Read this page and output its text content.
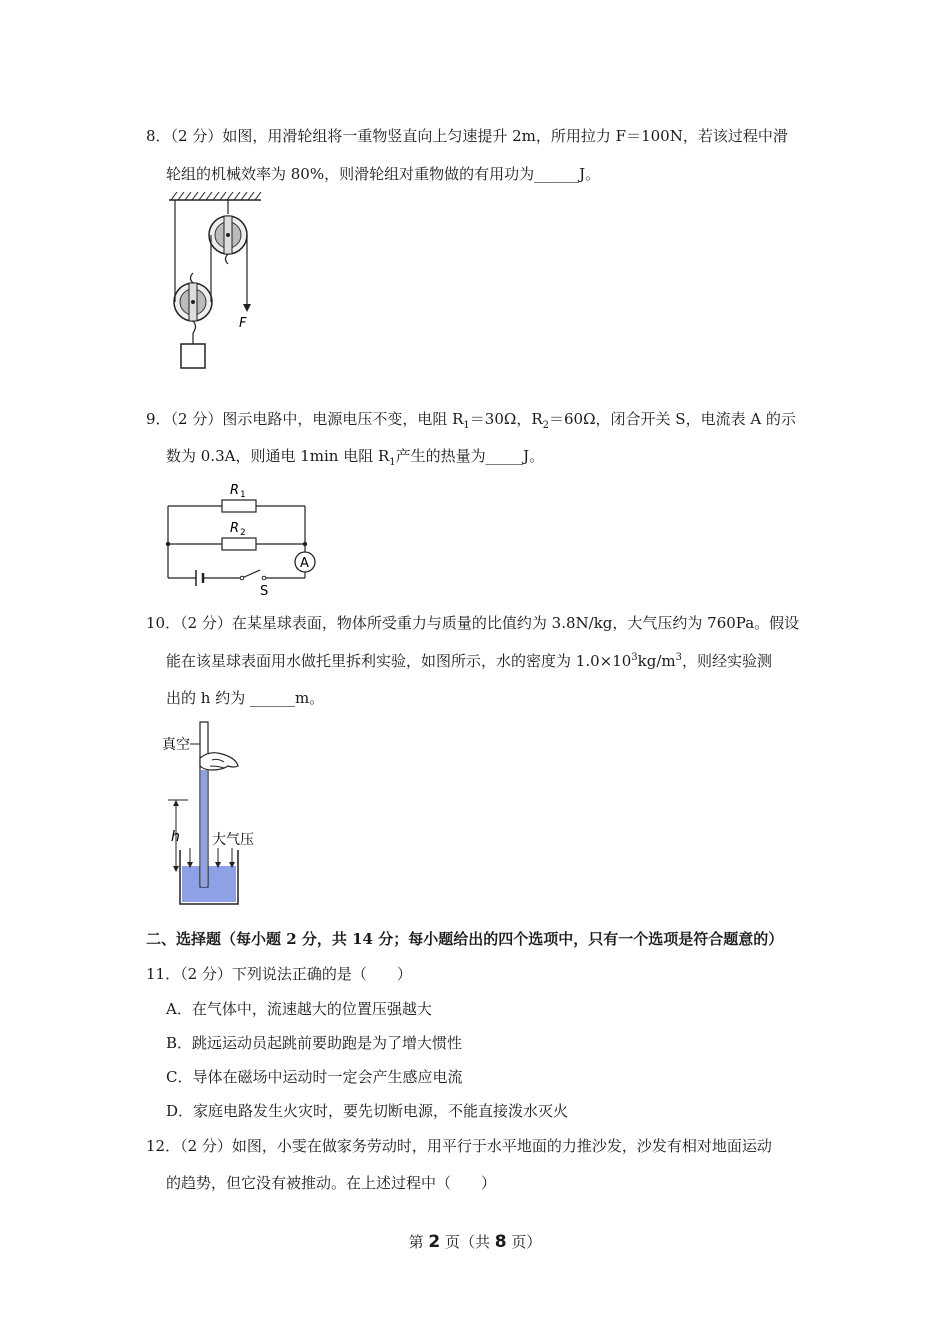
8．（2 分）如图，用滑轮组将一重物竖直向上匀速提升 2m，所用拉力 F＝100N，若该过程中滑
轮组的机械效率为 80%，则滑轮组对重物做的有用功为______J。
F
9．（2 分）图示电路中，电源电压不变，电阻 $R_1=30\Omega$，$R_2=60\Omega$，闭合开关 S，电流表 A 的示
数为 0.3A，则通电 1min 电阻 $R_1$产生的热量为_____J。
A
R 1
R 2
S
10．（2 分）在某星球表面，物体所受重力与质量的比值约为 3.8N/kg，大气压约为 760Pa。假设
能在该星球表面用水做托里拆利实验，如图所示，水的密度为 $1.0\times 10^3kg/m^3$，则经实验测
出的 h 约为 ______m。
h
真空
大气压
二、选择题（每小题 2 分，共 14 分；每小题给出的四个选项中，只有一个选项是符合题意的）
11．（2 分）下列说法正确的是（　　）
A．在气体中，流速越大的位置压强越大
B．跳远运动员起跳前要助跑是为了增大惯性
C．导体在磁场中运动时一定会产生感应电流
D．家庭电路发生火灾时，要先切断电源，不能直接泼水灭火
12．（2 分）如图，小雯在做家务劳动时，用平行于水平地面的力推沙发，沙发有相对地面运动
的趋势，但它没有被推动。在上述过程中（　　）
第 2 页（共 8 页）
